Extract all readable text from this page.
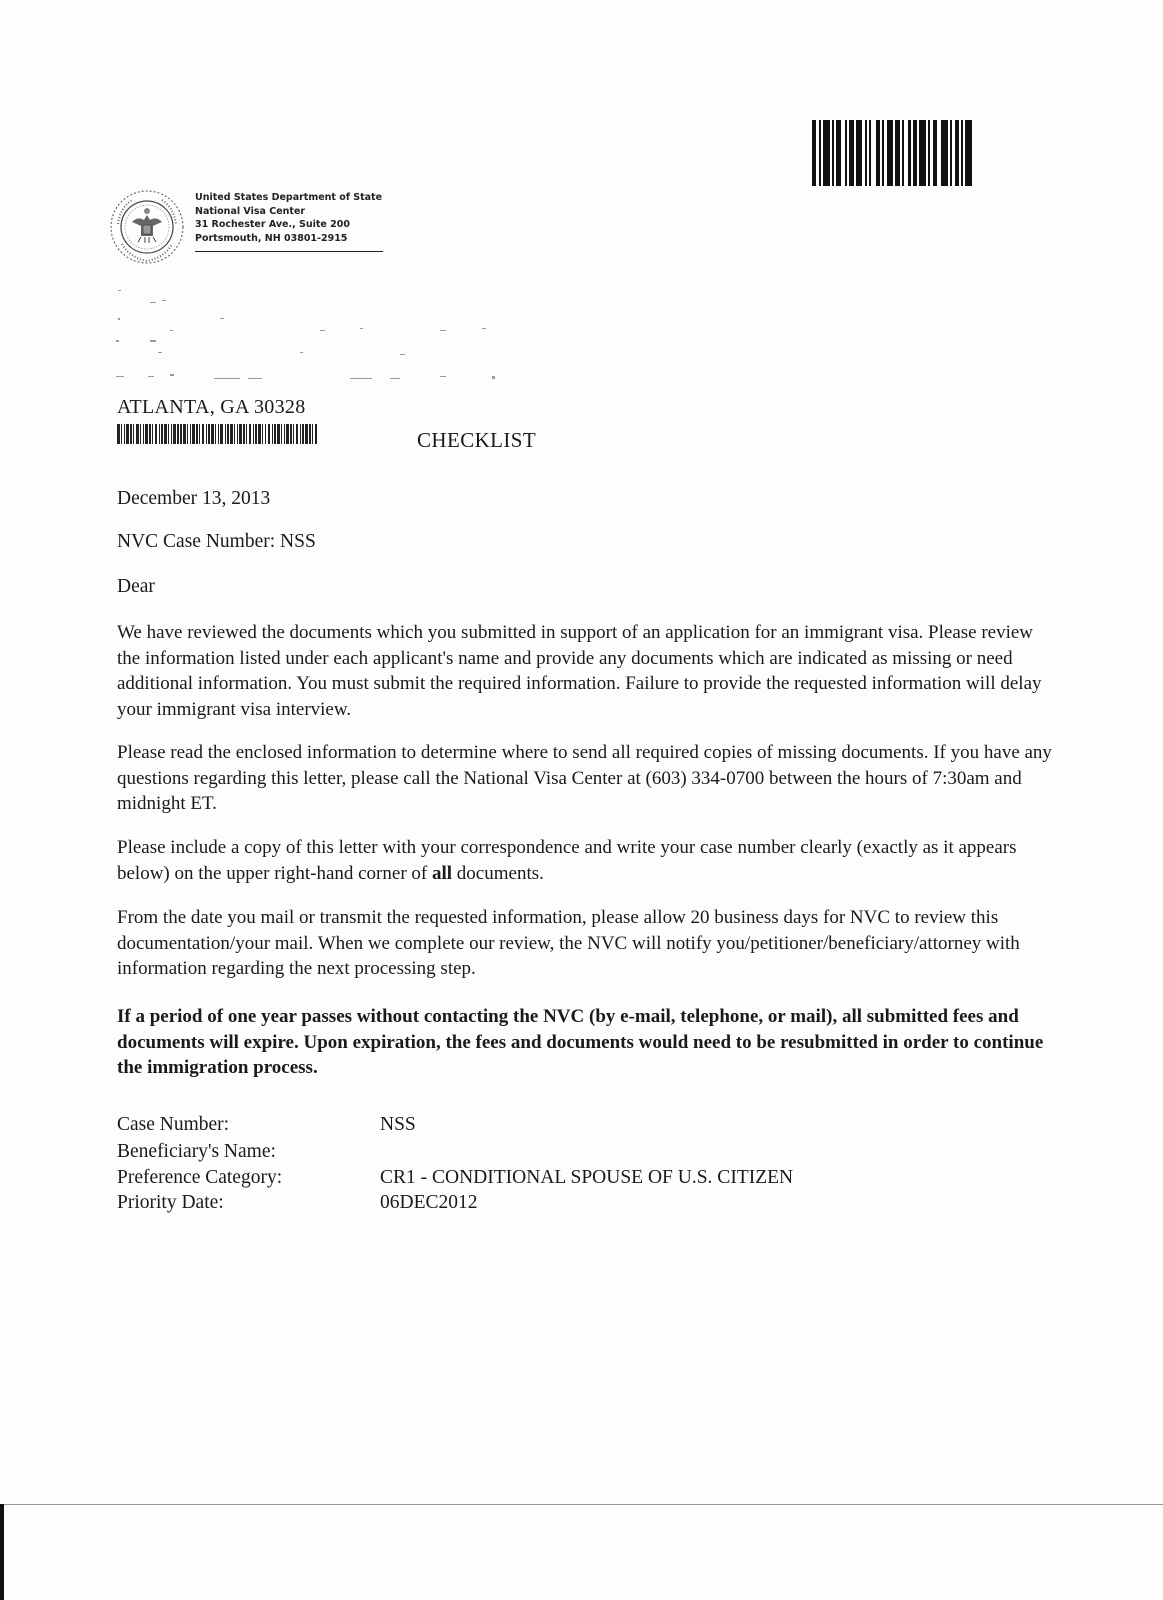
United States Department of State
National Visa Center
31 Rochester Ave., Suite 200
Portsmouth, NH 03801-2915
ATLANTA, GA 30328
CHECKLIST
December 13, 2013
NVC Case Number: NSS
Dear
We have reviewed the documents which you submitted in support of an application for an immigrant visa. Please review the information listed under each applicant's name and provide any documents which are indicated as missing or need additional information. You must submit the required information. Failure to provide the requested information will delay your immigrant visa interview.
Please read the enclosed information to determine where to send all required copies of missing documents. If you have any questions regarding this letter, please call the National Visa Center at (603) 334-0700 between the hours of 7:30am and midnight ET.
Please include a copy of this letter with your correspondence and write your case number clearly (exactly as it appears below) on the upper right-hand corner of all documents.
From the date you mail or transmit the requested information, please allow 20 business days for NVC to review this documentation/your mail. When we complete our review, the NVC will notify you/petitioner/beneficiary/attorney with information regarding the next processing step.
If a period of one year passes without contacting the NVC (by e-mail, telephone, or mail), all submitted fees and documents will expire. Upon expiration, the fees and documents would need to be resubmitted in order to continue the immigration process.
Case Number:	NSS
Beneficiary's Name:
Preference Category:	CR1 - CONDITIONAL SPOUSE OF U.S. CITIZEN
Priority Date:	06DEC2012
